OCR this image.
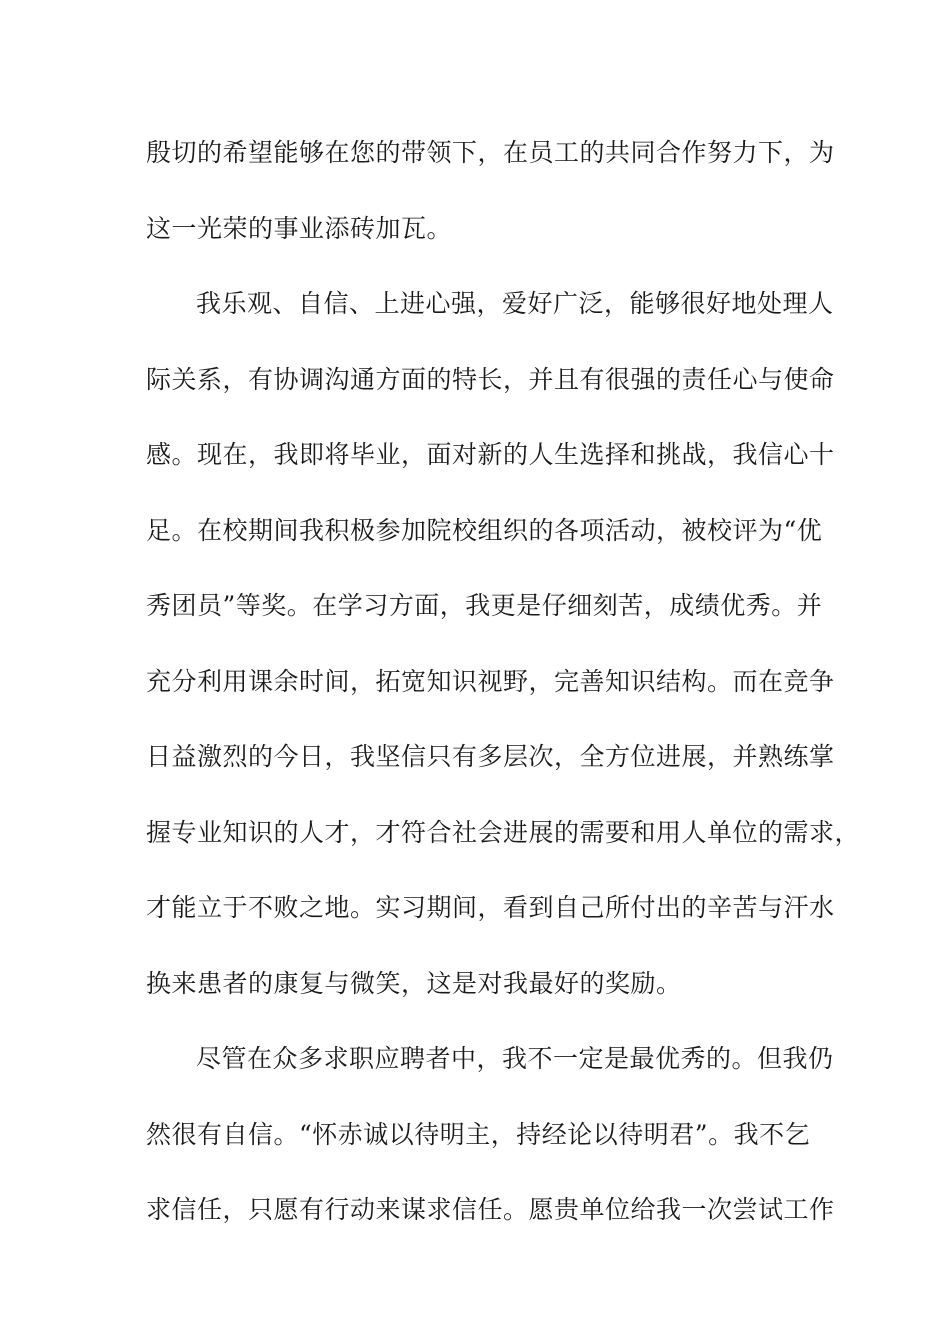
殷切的希望能够在您的带领下，在员工的共同合作努力下，为
这一光荣的事业添砖加瓦。
我乐观、自信、上进心强，爱好广泛，能够很好地处理人
际关系，有协调沟通方面的特长，并且有很强的责任心与使命
感。现在，我即将毕业，面对新的人生选择和挑战，我信心十
足。在校期间我积极参加院校组织的各项活动，被校评为“优
秀团员”等奖。在学习方面，我更是仔细刻苦，成绩优秀。并
充分利用课余时间，拓宽知识视野，完善知识结构。而在竞争
日益激烈的今日，我坚信只有多层次，全方位进展，并熟练掌
握专业知识的人才，才符合社会进展的需要和用人单位的需求，
才能立于不败之地。实习期间，看到自己所付出的辛苦与汗水
换来患者的康复与微笑，这是对我最好的奖励。
尽管在众多求职应聘者中，我不一定是最优秀的。但我仍
然很有自信。“怀赤诚以待明主，持经论以待明君”。我不乞
求信任，只愿有行动来谋求信任。愿贵单位给我一次尝试工作
